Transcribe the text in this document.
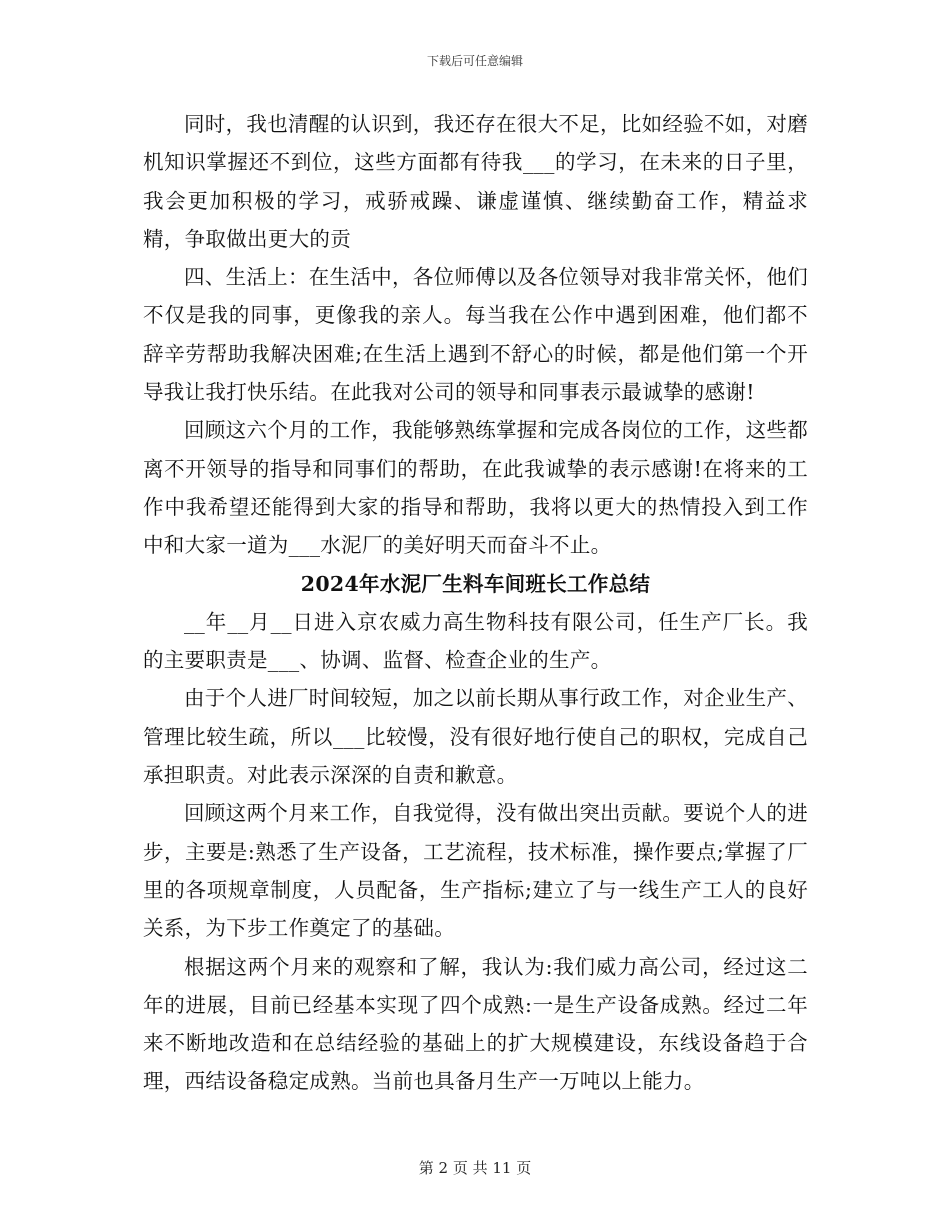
下载后可任意编辑

同时，我也清醒的认识到，我还存在很大不足，比如经验不如，对磨机知识掌握还不到位，这些方面都有待我___的学习，在未来的日子里，我会更加积极的学习，戒骄戒躁、谦虚谨慎、继续勤奋工作，精益求精，争取做出更大的贡

四、生活上：在生活中，各位师傅以及各位领导对我非常关怀，他们不仅是我的同事，更像我的亲人。每当我在公作中遇到困难，他们都不辞辛劳帮助我解决困难;在生活上遇到不舒心的时候，都是他们第一个开导我让我打快乐结。在此我对公司的领导和同事表示最诚挚的感谢!

回顾这六个月的工作，我能够熟练掌握和完成各岗位的工作，这些都离不开领导的指导和同事们的帮助，在此我诚挚的表示感谢!在将来的工作中我希望还能得到大家的指导和帮助，我将以更大的热情投入到工作中和大家一道为___水泥厂的美好明天而奋斗不止。

2024年水泥厂生料车间班长工作总结

__年__月__日进入京农威力高生物科技有限公司，任生产厂长。我的主要职责是___、协调、监督、检查企业的生产。

由于个人进厂时间较短，加之以前长期从事行政工作，对企业生产、管理比较生疏，所以___比较慢，没有很好地行使自己的职权，完成自己承担职责。对此表示深深的自责和歉意。

回顾这两个月来工作，自我觉得，没有做出突出贡献。要说个人的进步，主要是:熟悉了生产设备，工艺流程，技术标准，操作要点;掌握了厂里的各项规章制度，人员配备，生产指标;建立了与一线生产工人的良好关系，为下步工作奠定了的基础。

根据这两个月来的观察和了解，我认为:我们威力高公司，经过这二年的进展，目前已经基本实现了四个成熟:一是生产设备成熟。经过二年来不断地改造和在总结经验的基础上的扩大规模建设，东线设备趋于合理，西结设备稳定成熟。当前也具备月生产一万吨以上能力。

第 2 页 共 11 页
